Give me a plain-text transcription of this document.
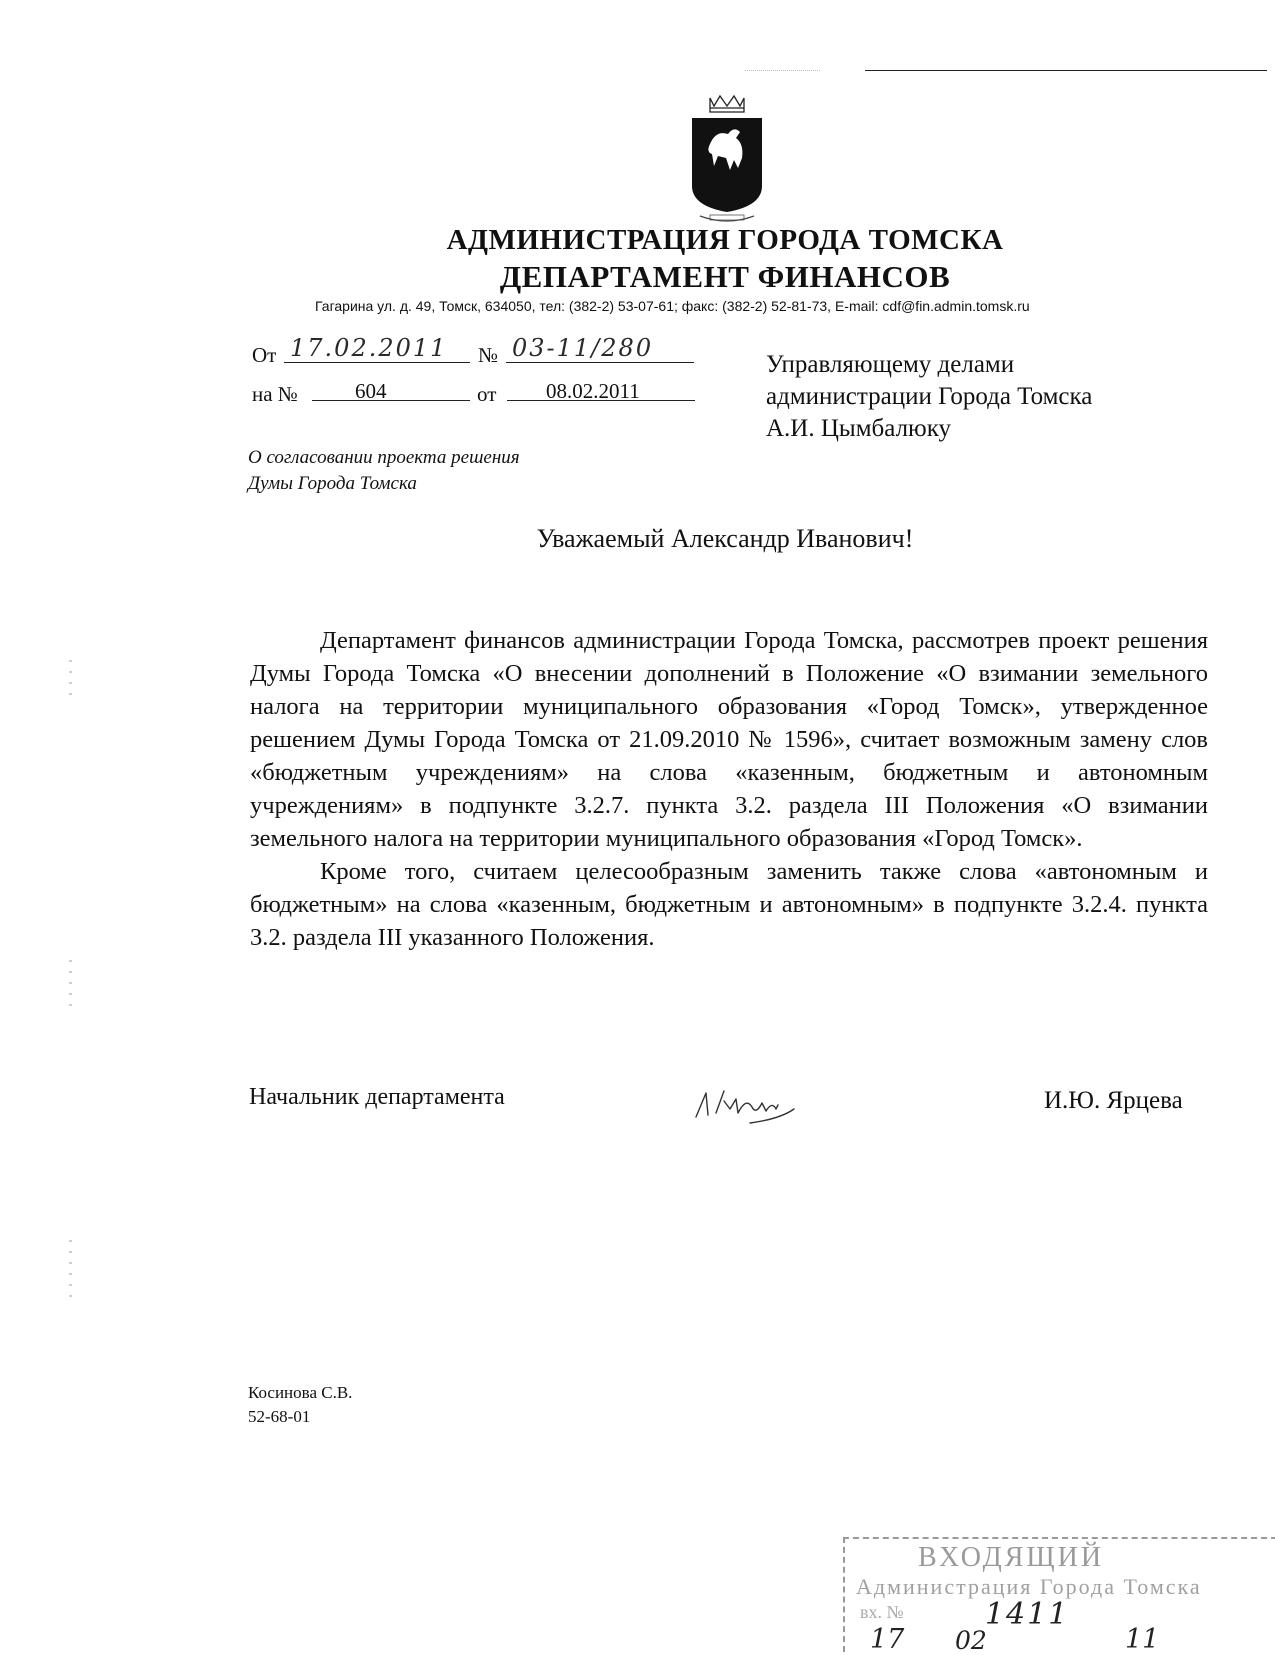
АДМИНИСТРАЦИЯ ГОРОДА ТОМСКА
ДЕПАРТАМЕНТ ФИНАНСОВ
Гагарина ул. д. 49, Томск, 634050, тел: (382-2) 53-07-61; факс: (382-2) 52-81-73, E-mail: cdf@fin.admin.tomsk.ru
От 17.02.2011 № 03-11/280
на №	604	от 08.02.2011
Управляющему делами
администрации Города Томска
А.И. Цымбалюку
О согласовании проекта решения
Думы Города Томска
Уважаемый Александр Иванович!

Департамент финансов администрации Города Томска, рассмотрев проект решения Думы Города Томска «О внесении дополнений в Положение «О взимании земельного налога на территории муниципального образования «Город Томск», утвержденное решением Думы Города Томска от 21.09.2010 № 1596», считает возможным замену слов «бюджетным учреждениям» на слова «казенным, бюджетным и автономным учреждениям» в подпункте 3.2.7. пункта 3.2. раздела III Положения «О взимании земельного налога на территории муниципального образования «Город Томск».

Кроме того, считаем целесообразным заменить также слова «автономным и бюджетным» на слова «казенным, бюджетным и автономным» в подпункте 3.2.4. пункта 3.2. раздела III указанного Положения.

Начальник департамента	И.Ю. Ярцева
Косинова С.В.
52-68-01
ВХОДЯЩИЙ
Администрация Города Томска
вх. №	1411
17 02	11
